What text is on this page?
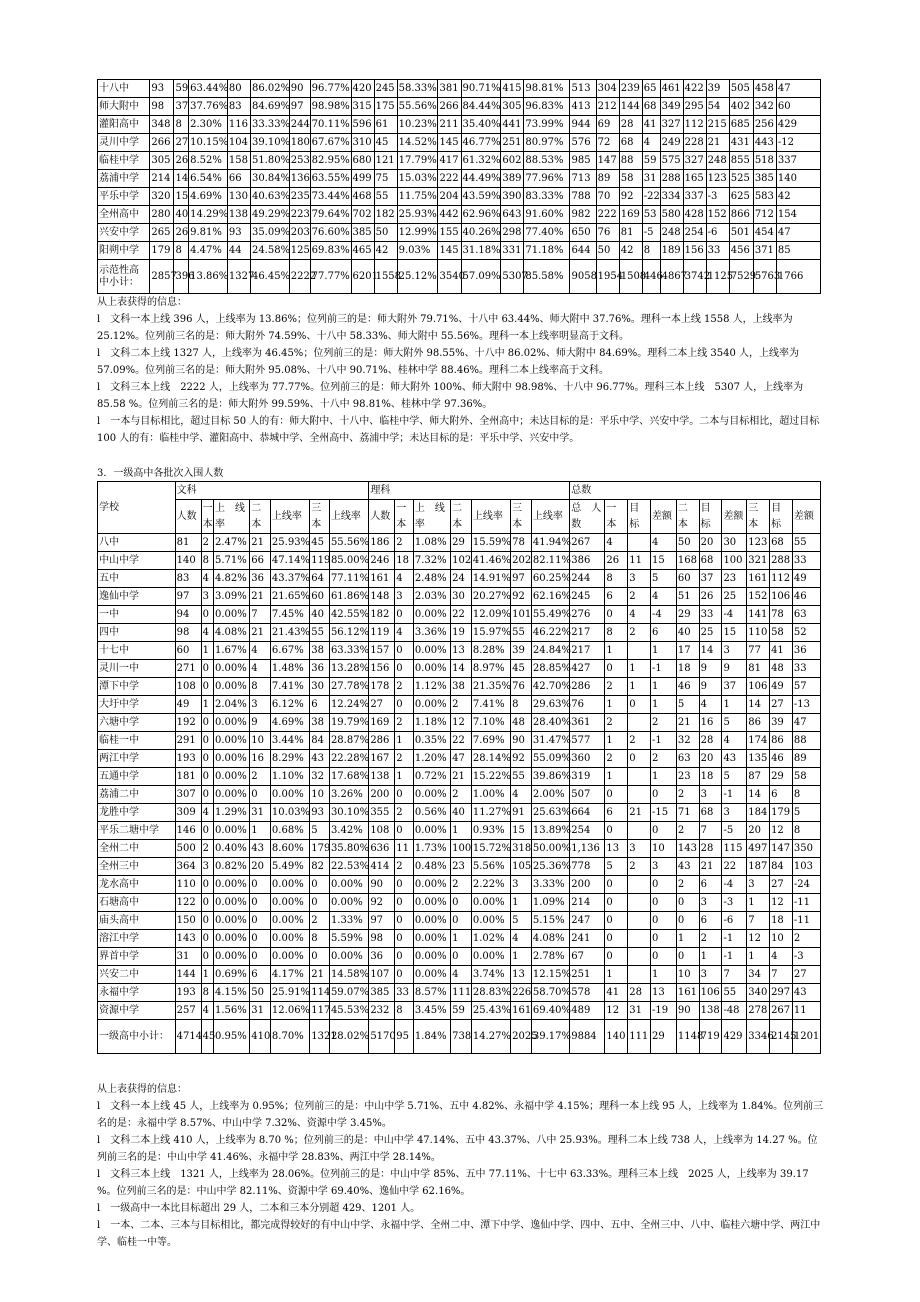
十八中	93	59	63.44%	80	86.02%	90	96.77%	420	245	58.33%	381	90.71%	415	98.81%	513	304	239	65	461	422	39	505	458	47
师大附中	98	37	37.76%	83	84.69%	97	98.98%	315	175	55.56%	266	84.44%	305	96.83%	413	212	144	68	349	295	54	402	342	60
灌阳高中	348	8	2.30%	116	33.33%	244	70.11%	596	61	10.23%	211	35.40%	441	73.99%	944	69	28	41	327	112	215	685	256	429
灵川中学	266	27	10.15%	104	39.10%	180	67.67%	310	45	14.52%	145	46.77%	251	80.97%	576	72	68	4	249	228	21	431	443	-12
临桂中学	305	26	8.52%	158	51.80%	253	82.95%	680	121	17.79%	417	61.32%	602	88.53%	985	147	88	59	575	327	248	855	518	337
荔浦中学	214	14	6.54%	66	30.84%	136	63.55%	499	75	15.03%	222	44.49%	389	77.96%	713	89	58	31	288	165	123	525	385	140
平乐中学	320	15	4.69%	130	40.63%	235	73.44%	468	55	11.75%	204	43.59%	390	83.33%	788	70	92	-22	334	337	-3	625	583	42
全州高中	280	40	14.29%	138	49.29%	223	79.64%	702	182	25.93%	442	62.96%	643	91.60%	982	222	169	53	580	428	152	866	712	154
兴安中学	265	26	9.81%	93	35.09%	203	76.60%	385	50	12.99%	155	40.26%	298	77.40%	650	76	81	-5	248	254	-6	501	454	47
阳朔中学	179	8	4.47%	44	24.58%	125	69.83%	465	42	9.03%	145	31.18%	331	71.18%	644	50	42	8	189	156	33	456	371	85
示范性高中小计：	2857	396	13.86%	1327	46.45%	2222	77.77%	6201	1558	25.12%	3540	57.09%	5307	85.58%	9058	1954	1508	446	4867	3742	1125	7529	5763	1766
从上表获得的信息：
l　文科一本上线 396 人，上线率为 13.86%；位列前三的是：师大附外 79.71%、十八中 63.44%、师大附中 37.76%。理科一本上线 1558 人，上线率为 25.12%。位列前三名的是：师大附外 74.59%、十八中 58.33%、师大附中 55.56%。理科一本上线率明显高于文科。
l　文科二本上线 1327 人，上线率为 46.45%；位列前三的是：师大附外 98.55%、十八中 86.02%、师大附中 84.69%。理科二本上线 3540 人，上线率为 57.09%。位列前三名的是：师大附外 95.08%、十八中 90.71%、桂林中学 88.46%。理科二本上线率高于文科。
l　文科三本上线　2222 人，上线率为 77.77%。位列前三的是：师大附外 100%、师大附中 98.98%、十八中 96.77%。理科三本上线　5307 人，上线率为 85.58 %。位列前三名的是：师大附外 99.59%、十八中 98.81%、桂林中学 97.36%。
l　一本与目标相比，超过目标 50 人的有：师大附中、十八中、临桂中学、师大附外、全州高中；未达目标的是：平乐中学、兴安中学。二本与目标相比，超过目标 100 人的有：临桂中学、灌阳高中、恭城中学、全州高中、荔浦中学；未达目标的是：平乐中学、兴安中学。
3．一级高中各批次入围人数
学校	文科							理科							总数									
	人数	一本	上　线率	二本	上线率	三本	上线率	人数	一本	上　线率	二本	上线率	三本	上线率	总　人数	一本	目标	差额	二本	目标	差额	三本	目标	差额
八中	81	2	2.47%	21	25.93%	45	55.56%	186	2	1.08%	29	15.59%	78	41.94%	267	4		4	50	20	30	123	68	55
中山中学	140	8	5.71%	66	47.14%	119	85.00%	246	18	7.32%	102	41.46%	202	82.11%	386	26	11	15	168	68	100	321	288	33
五中	83	4	4.82%	36	43.37%	64	77.11%	161	4	2.48%	24	14.91%	97	60.25%	244	8	3	5	60	37	23	161	112	49
逸仙中学	97	3	3.09%	21	21.65%	60	61.86%	148	3	2.03%	30	20.27%	92	62.16%	245	6	2	4	51	26	25	152	106	46
一中	94	0	0.00%	7	7.45%	40	42.55%	182	0	0.00%	22	12.09%	101	55.49%	276	0	4	-4	29	33	-4	141	78	63
四中	98	4	4.08%	21	21.43%	55	56.12%	119	4	3.36%	19	15.97%	55	46.22%	217	8	2	6	40	25	15	110	58	52
十七中	60	1	1.67%	4	6.67%	38	63.33%	157	0	0.00%	13	8.28%	39	24.84%	217	1		1	17	14	3	77	41	36
灵川一中	271	0	0.00%	4	1.48%	36	13.28%	156	0	0.00%	14	8.97%	45	28.85%	427	0	1	-1	18	9	9	81	48	33
潭下中学	108	0	0.00%	8	7.41%	30	27.78%	178	2	1.12%	38	21.35%	76	42.70%	286	2	1	1	46	9	37	106	49	57
大圩中学	49	1	2.04%	3	6.12%	6	12.24%	27	0	0.00%	2	7.41%	8	29.63%	76	1	0	1	5	4	1	14	27	-13
六塘中学	192	0	0.00%	9	4.69%	38	19.79%	169	2	1.18%	12	7.10%	48	28.40%	361	2		2	21	16	5	86	39	47
临桂一中	291	0	0.00%	10	3.44%	84	28.87%	286	1	0.35%	22	7.69%	90	31.47%	577	1	2	-1	32	28	4	174	86	88
两江中学	193	0	0.00%	16	8.29%	43	22.28%	167	2	1.20%	47	28.14%	92	55.09%	360	2	0	2	63	20	43	135	46	89
五通中学	181	0	0.00%	2	1.10%	32	17.68%	138	1	0.72%	21	15.22%	55	39.86%	319	1		1	23	18	5	87	29	58
荔浦二中	307	0	0.00%	0	0.00%	10	3.26%	200	0	0.00%	2	1.00%	4	2.00%	507	0		0	2	3	-1	14	6	8
龙胜中学	309	4	1.29%	31	10.03%	93	30.10%	355	2	0.56%	40	11.27%	91	25.63%	664	6	21	-15	71	68	3	184	179	5
平乐二塘中学	146	0	0.00%	1	0.68%	5	3.42%	108	0	0.00%	1	0.93%	15	13.89%	254	0		0	2	7	-5	20	12	8
全州二中	500	2	0.40%	43	8.60%	179	35.80%	636	11	1.73%	100	15.72%	318	50.00%	1,136	13	3	10	143	28	115	497	147	350
全州三中	364	3	0.82%	20	5.49%	82	22.53%	414	2	0.48%	23	5.56%	105	25.36%	778	5	2	3	43	21	22	187	84	103
龙水高中	110	0	0.00%	0	0.00%	0	0.00%	90	0	0.00%	2	2.22%	3	3.33%	200	0		0	2	6	-4	3	27	-24
石塘高中	122	0	0.00%	0	0.00%	0	0.00%	92	0	0.00%	0	0.00%	1	1.09%	214	0		0	0	3	-3	1	12	-11
庙头高中	150	0	0.00%	0	0.00%	2	1.33%	97	0	0.00%	0	0.00%	5	5.15%	247	0		0	0	6	-6	7	18	-11
溶江中学	143	0	0.00%	0	0.00%	8	5.59%	98	0	0.00%	1	1.02%	4	4.08%	241	0		0	1	2	-1	12	10	2
界首中学	31	0	0.00%	0	0.00%	0	0.00%	36	0	0.00%	0	0.00%	1	2.78%	67	0		0	0	1	-1	1	4	-3
兴安二中	144	1	0.69%	6	4.17%	21	14.58%	107	0	0.00%	4	3.74%	13	12.15%	251	1		1	10	3	7	34	7	27
永福中学	193	8	4.15%	50	25.91%	114	59.07%	385	33	8.57%	111	28.83%	226	58.70%	578	41	28	13	161	106	55	340	297	43
资源中学	257	4	1.56%	31	12.06%	117	45.53%	232	8	3.45%	59	25.43%	161	69.40%	489	12	31	-19	90	138	-48	278	267	11
一级高中小计：	4714	45	0.95%	410	8.70%	1321	28.02%	5170	95	1.84%	738	14.27%	2025	39.17%	9884	140	111	29	1148	719	429	3346	2145	1201
从上表获得的信息：
l　文科一本上线 45 人，上线率为 0.95%；位列前三的是：中山中学 5.71%、五中 4.82%、永福中学 4.15%；理科一本上线 95 人，上线率为 1.84%。位列前三名的是：永福中学 8.57%、中山中学 7.32%、资源中学 3.45%。
l　文科二本上线 410 人，上线率为 8.70 %；位列前三的是：中山中学 47.14%、五中 43.37%、八中 25.93%。理科二本上线 738 人，上线率为 14.27 %。位列前三名的是：中山中学 41.46%、永福中学 28.83%、两江中学 28.14%。
l　文科三本上线　1321 人，上线率为 28.06%。位列前三的是：中山中学 85%、五中 77.11%、十七中 63.33%。理科三本上线　2025 人，上线率为 39.17 %。位列前三名的是：中山中学 82.11%、资源中学 69.40%、逸仙中学 62.16%。
l　一级高中一本比目标超出 29 人，二本和三本分别超 429、1201 人。
l　一本、二本、三本与目标相比，都完成得较好的有中山中学、永福中学、全州二中、潭下中学、逸仙中学、四中、五中、全州三中、八中、临桂六塘中学、两江中学、临桂一中等。
